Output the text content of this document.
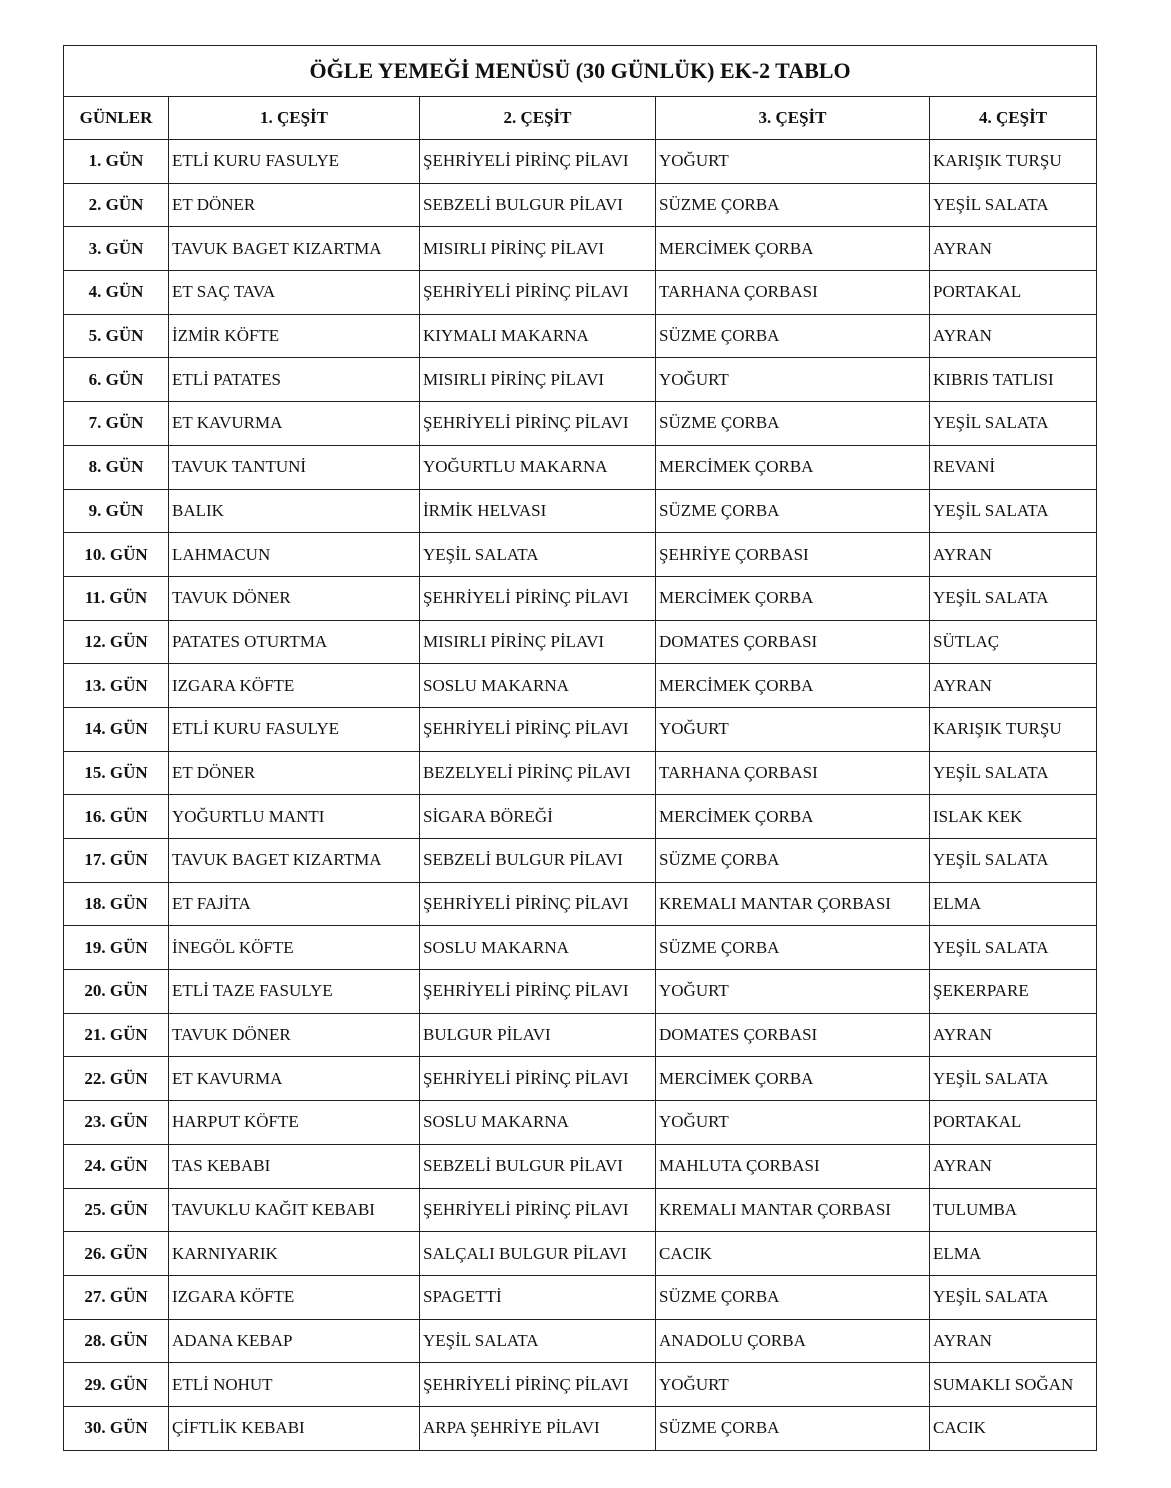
ÖĞLE YEMEĞİ MENÜSÜ (30 GÜNLÜK) EK-2 TABLO				
GÜNLER	1. ÇEŞİT	2. ÇEŞİT	3. ÇEŞİT	4. ÇEŞİT
1. GÜN	ETLİ KURU FASULYE	ŞEHRİYELİ PİRİNÇ PİLAVI	YOĞURT	KARIŞIK TURŞU
2. GÜN	ET DÖNER	SEBZELİ BULGUR PİLAVI	SÜZME ÇORBA	YEŞİL SALATA
3. GÜN	TAVUK BAGET KIZARTMA	MISIRLI PİRİNÇ PİLAVI	MERCİMEK ÇORBA	AYRAN
4. GÜN	ET SAÇ TAVA	ŞEHRİYELİ PİRİNÇ PİLAVI	TARHANA ÇORBASI	PORTAKAL
5. GÜN	İZMİR KÖFTE	KIYMALI MAKARNA	SÜZME ÇORBA	AYRAN
6. GÜN	ETLİ PATATES	MISIRLI PİRİNÇ PİLAVI	YOĞURT	KIBRIS TATLISI
7. GÜN	ET KAVURMA	ŞEHRİYELİ PİRİNÇ PİLAVI	SÜZME ÇORBA	YEŞİL SALATA
8. GÜN	TAVUK TANTUNİ	YOĞURTLU MAKARNA	MERCİMEK ÇORBA	REVANİ
9. GÜN	BALIK	İRMİK HELVASI	SÜZME ÇORBA	YEŞİL SALATA
10. GÜN	LAHMACUN	YEŞİL SALATA	ŞEHRİYE ÇORBASI	AYRAN
11. GÜN	TAVUK DÖNER	ŞEHRİYELİ PİRİNÇ PİLAVI	MERCİMEK ÇORBA	YEŞİL SALATA
12. GÜN	PATATES OTURTMA	MISIRLI PİRİNÇ PİLAVI	DOMATES ÇORBASI	SÜTLAÇ
13. GÜN	IZGARA KÖFTE	SOSLU MAKARNA	MERCİMEK ÇORBA	AYRAN
14. GÜN	ETLİ KURU FASULYE	ŞEHRİYELİ PİRİNÇ PİLAVI	YOĞURT	KARIŞIK TURŞU
15. GÜN	ET DÖNER	BEZELYELİ PİRİNÇ PİLAVI	TARHANA ÇORBASI	YEŞİL SALATA
16. GÜN	YOĞURTLU MANTI	SİGARA BÖREĞİ	MERCİMEK ÇORBA	ISLAK KEK
17. GÜN	TAVUK BAGET KIZARTMA	SEBZELİ BULGUR PİLAVI	SÜZME ÇORBA	YEŞİL SALATA
18. GÜN	ET FAJİTA	ŞEHRİYELİ PİRİNÇ PİLAVI	KREMALI MANTAR ÇORBASI	ELMA
19. GÜN	İNEGÖL KÖFTE	SOSLU MAKARNA	SÜZME ÇORBA	YEŞİL SALATA
20. GÜN	ETLİ TAZE FASULYE	ŞEHRİYELİ PİRİNÇ PİLAVI	YOĞURT	ŞEKERPARE
21. GÜN	TAVUK DÖNER	BULGUR PİLAVI	DOMATES ÇORBASI	AYRAN
22. GÜN	ET KAVURMA	ŞEHRİYELİ PİRİNÇ PİLAVI	MERCİMEK ÇORBA	YEŞİL SALATA
23. GÜN	HARPUT KÖFTE	SOSLU MAKARNA	YOĞURT	PORTAKAL
24. GÜN	TAS KEBABI	SEBZELİ BULGUR PİLAVI	MAHLUTA ÇORBASI	AYRAN
25. GÜN	TAVUKLU KAĞIT KEBABI	ŞEHRİYELİ PİRİNÇ PİLAVI	KREMALI MANTAR ÇORBASI	TULUMBA
26. GÜN	KARNIYARIK	SALÇALI BULGUR PİLAVI	CACIK	ELMA
27. GÜN	IZGARA KÖFTE	SPAGETTİ	SÜZME ÇORBA	YEŞİL SALATA
28. GÜN	ADANA KEBAP	YEŞİL SALATA	ANADOLU ÇORBA	AYRAN
29. GÜN	ETLİ NOHUT	ŞEHRİYELİ PİRİNÇ PİLAVI	YOĞURT	SUMAKLI SOĞAN
30. GÜN	ÇİFTLİK KEBABI	ARPA ŞEHRİYE PİLAVI	SÜZME ÇORBA	CACIK
